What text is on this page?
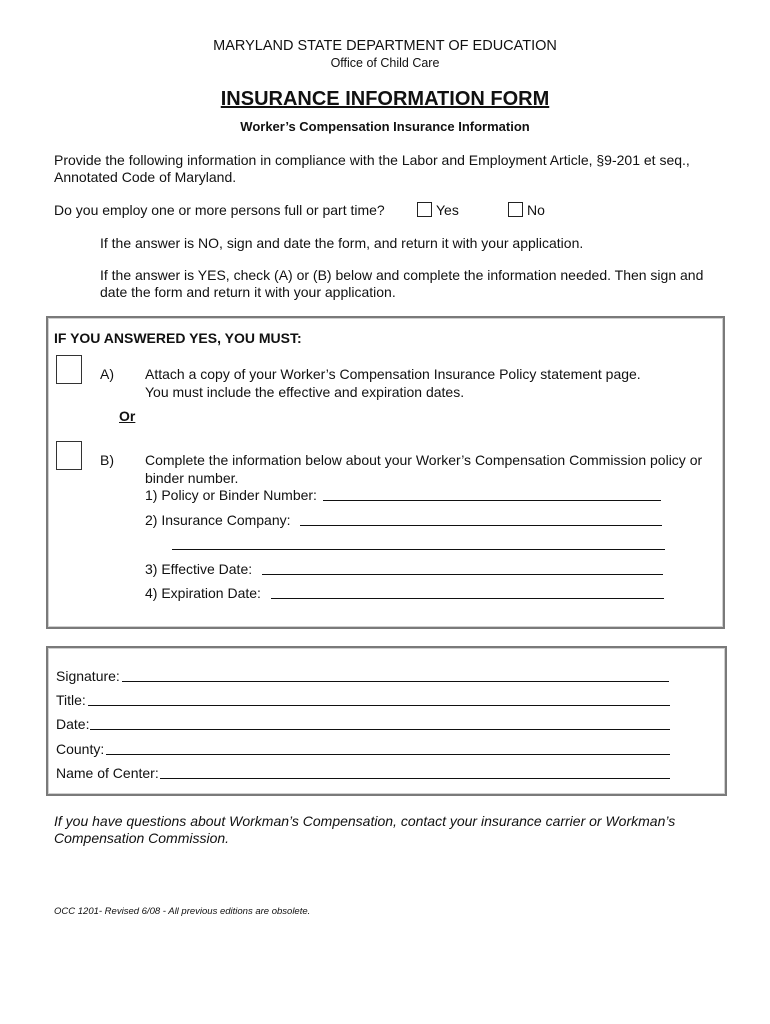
MARYLAND STATE DEPARTMENT OF EDUCATION
Office of Child Care
INSURANCE INFORMATION FORM
Worker’s Compensation Insurance Information
Provide the following information in compliance with the Labor and Employment Article, §9-201 et seq.,
Annotated Code of Maryland.
Do you employ one or more persons full or part time?	Yes	No
If the answer is NO, sign and date the form, and return it with your application.
If the answer is YES, check (A) or (B) below and complete the information needed. Then sign and
date the form and return it with your application.
IF YOU ANSWERED YES, YOU MUST:
A) Attach a copy of your Worker’s Compensation Insurance Policy statement page.
You must include the effective and expiration dates.
Or
B) Complete the information below about your Worker’s Compensation Commission policy or
binder number.
1) Policy or Binder Number:
2) Insurance Company:
3) Effective Date:
4) Expiration Date:
Signature:
Title:
Date:
County:
Name of Center:
If you have questions about Workman’s Compensation, contact your insurance carrier or Workman’s
Compensation Commission.
OCC 1201- Revised 6/08 - All previous editions are obsolete.
